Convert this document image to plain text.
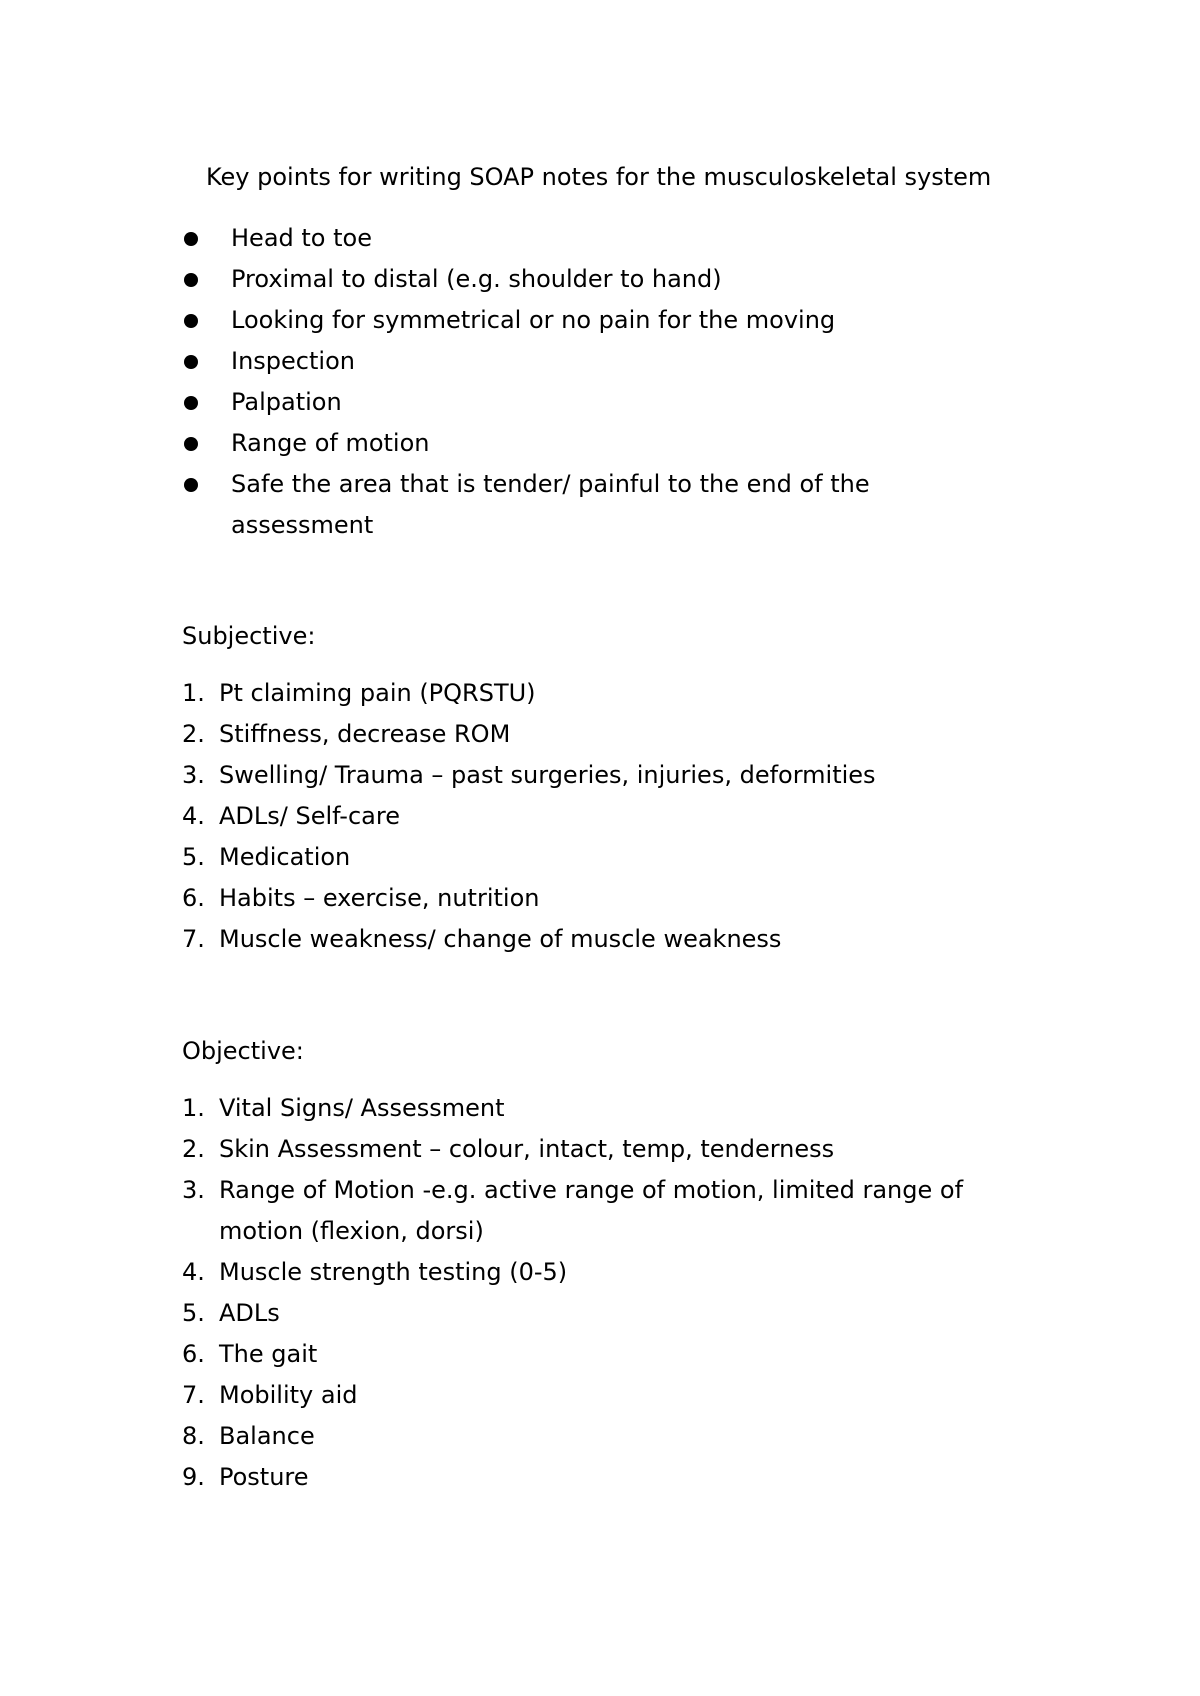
Key points for writing SOAP notes for the musculoskeletal system
Head to toe
Proximal to distal (e.g. shoulder to hand)
Looking for symmetrical or no pain for the moving
Inspection
Palpation
Range of motion
Safe the area that is tender/ painful to the end of the assessment
Subjective:
1. Pt claiming pain (PQRSTU)
2. Stiffness, decrease ROM
3. Swelling/ Trauma – past surgeries, injuries, deformities
4. ADLs/ Self-care
5. Medication
6. Habits – exercise, nutrition
7. Muscle weakness/ change of muscle weakness
Objective:
1. Vital Signs/ Assessment
2. Skin Assessment – colour, intact, temp, tenderness
3. Range of Motion -e.g. active range of motion, limited range of motion (flexion, dorsi)
4. Muscle strength testing (0-5)
5. ADLs
6. The gait
7. Mobility aid
8. Balance
9. Posture
